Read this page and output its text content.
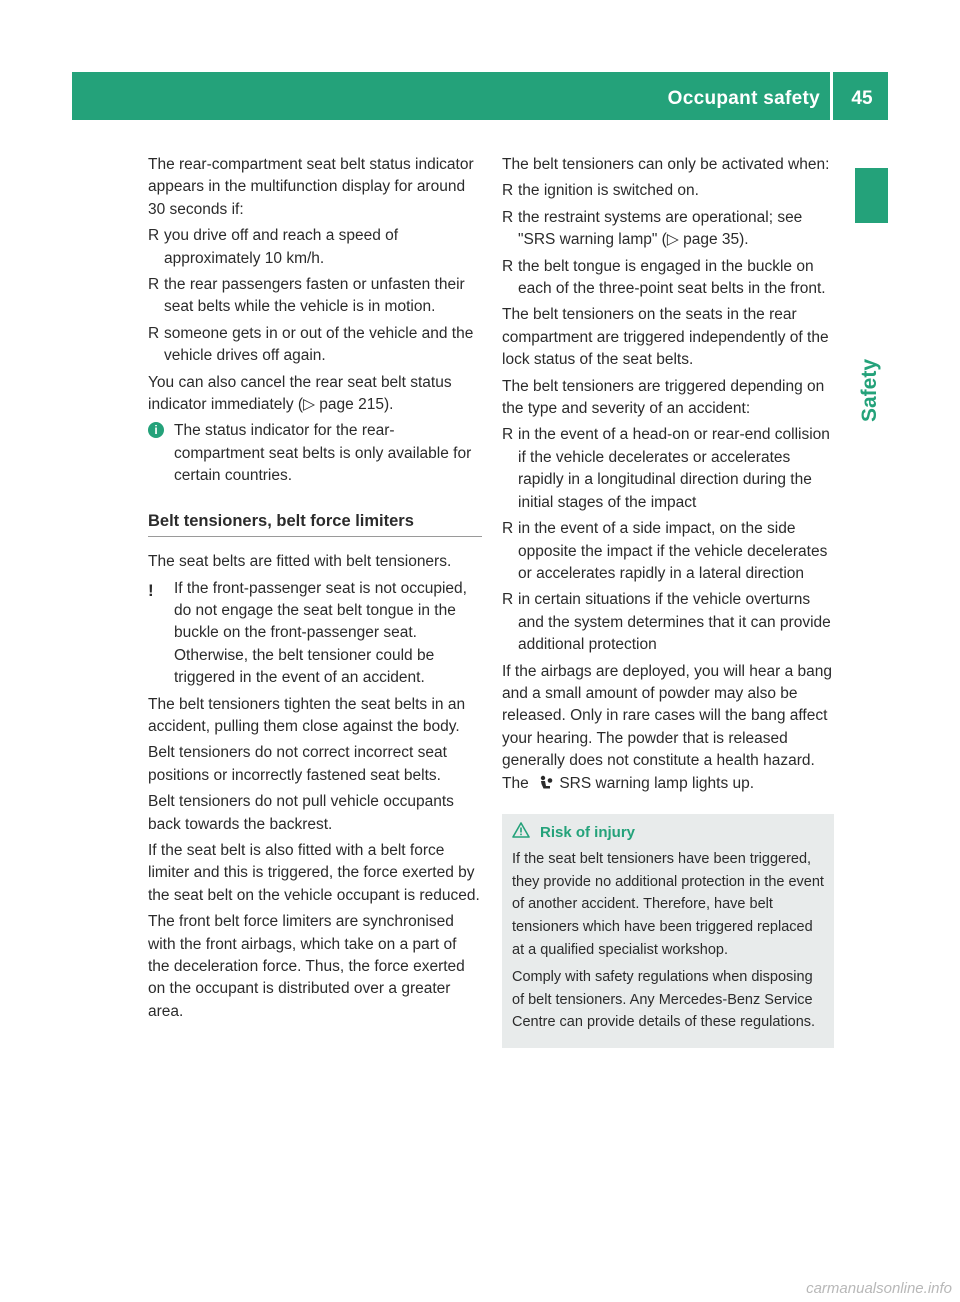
Occupant safety	45
Safety

The rear-compartment seat belt status indicator appears in the multifunction display for around 30 seconds if:

R you drive off and reach a speed of approximately 10 km/h.
R the rear passengers fasten or unfasten their seat belts while the vehicle is in motion.
R someone gets in or out of the vehicle and the vehicle drives off again.

You can also cancel the rear seat belt status indicator immediately (▷ page 215).

i	The status indicator for the rear-compartment seat belts is only available for certain countries.
Belt tensioners, belt force limiters

The seat belts are fitted with belt tensioners.

! If the front-passenger seat is not occupied, do not engage the seat belt tongue in the buckle on the front-passenger seat. Otherwise, the belt tensioner could be triggered in the event of an accident.

The belt tensioners tighten the seat belts in an accident, pulling them close against the body.

Belt tensioners do not correct incorrect seat positions or incorrectly fastened seat belts.

Belt tensioners do not pull vehicle occupants back towards the backrest.

If the seat belt is also fitted with a belt force limiter and this is triggered, the force exerted by the seat belt on the vehicle occupant is reduced.

The front belt force limiters are synchronised with the front airbags, which take on a part of the deceleration force. Thus, the force exerted on the occupant is distributed over a greater area.

The belt tensioners can only be activated when:

R the ignition is switched on.
R the restraint systems are operational; see "SRS warning lamp" (▷ page 35).
R the belt tongue is engaged in the buckle on each of the three-point seat belts in the front.

The belt tensioners on the seats in the rear compartment are triggered independently of the lock status of the seat belts.

The belt tensioners are triggered depending on the type and severity of an accident:

R in the event of a head-on or rear-end collision if the vehicle decelerates or accelerates rapidly in a longitudinal direction during the initial stages of the impact
R in the event of a side impact, on the side opposite the impact if the vehicle decelerates or accelerates rapidly in a lateral direction
R in certain situations if the vehicle overturns and the system determines that it can provide additional protection

If the airbags are deployed, you will hear a bang and a small amount of powder may also be released. Only in rare cases will the bang affect your hearing. The powder that is released generally does not constitute a health hazard. The SRS warning lamp lights up.

Risk of injury

If the seat belt tensioners have been triggered, they provide no additional protection in the event of another accident. Therefore, have belt tensioners which have been triggered replaced at a qualified specialist workshop.

Comply with safety regulations when disposing of belt tensioners. Any Mercedes-Benz Service Centre can provide details of these regulations.

carmanualsonline.info
